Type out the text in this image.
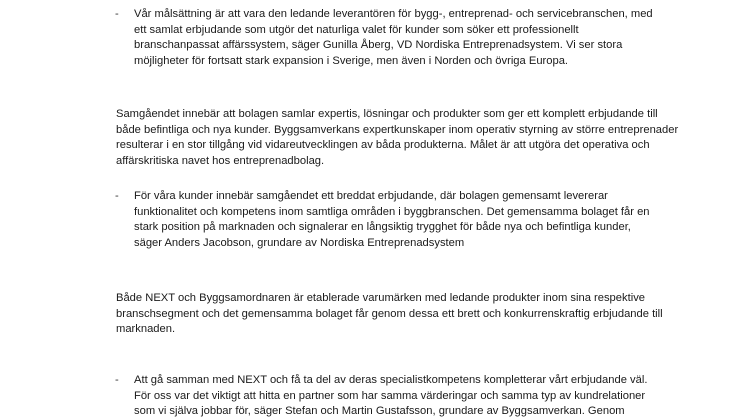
- Vår målsättning är att vara den ledande leverantören för bygg-, entreprenad- och servicebranschen, med
ett samlat erbjudande som utgör det naturliga valet för kunder som söker ett professionellt
branschanpassat affärssystem, säger Gunilla Åberg, VD Nordiska Entreprenadsystem. Vi ser stora
möjligheter för fortsatt stark expansion i Sverige, men även i Norden och övriga Europa.
Samgåendet innebär att bolagen samlar expertis, lösningar och produkter som ger ett komplett erbjudande till
både befintliga och nya kunder. Byggsamverkans expertkunskaper inom operativ styrning av större entreprenader
resulterar i en stor tillgång vid vidareutvecklingen av båda produkterna. Målet är att utgöra det operativa och
affärskritiska navet hos entreprenadbolag.
- För våra kunder innebär samgåendet ett breddat erbjudande, där bolagen gemensamt levererar
funktionalitet och kompetens inom samtliga områden i byggbranschen. Det gemensamma bolaget får en
stark position på marknaden och signalerar en långsiktig trygghet för både nya och befintliga kunder,
säger Anders Jacobson, grundare av Nordiska Entreprenadsystem
Både NEXT och Byggsamordnaren är etablerade varumärken med ledande produkter inom sina respektive
branschsegment och det gemensamma bolaget får genom dessa ett brett och konkurrenskraftig erbjudande till
marknaden.
- Att gå samman med NEXT och få ta del av deras specialistkompetens kompletterar vårt erbjudande väl.
För oss var det viktigt att hitta en partner som har samma värderingar och samma typ av kundrelationer
som vi själva jobbar för, säger Stefan och Martin Gustafsson, grundare av Byggsamverkan. Genom
